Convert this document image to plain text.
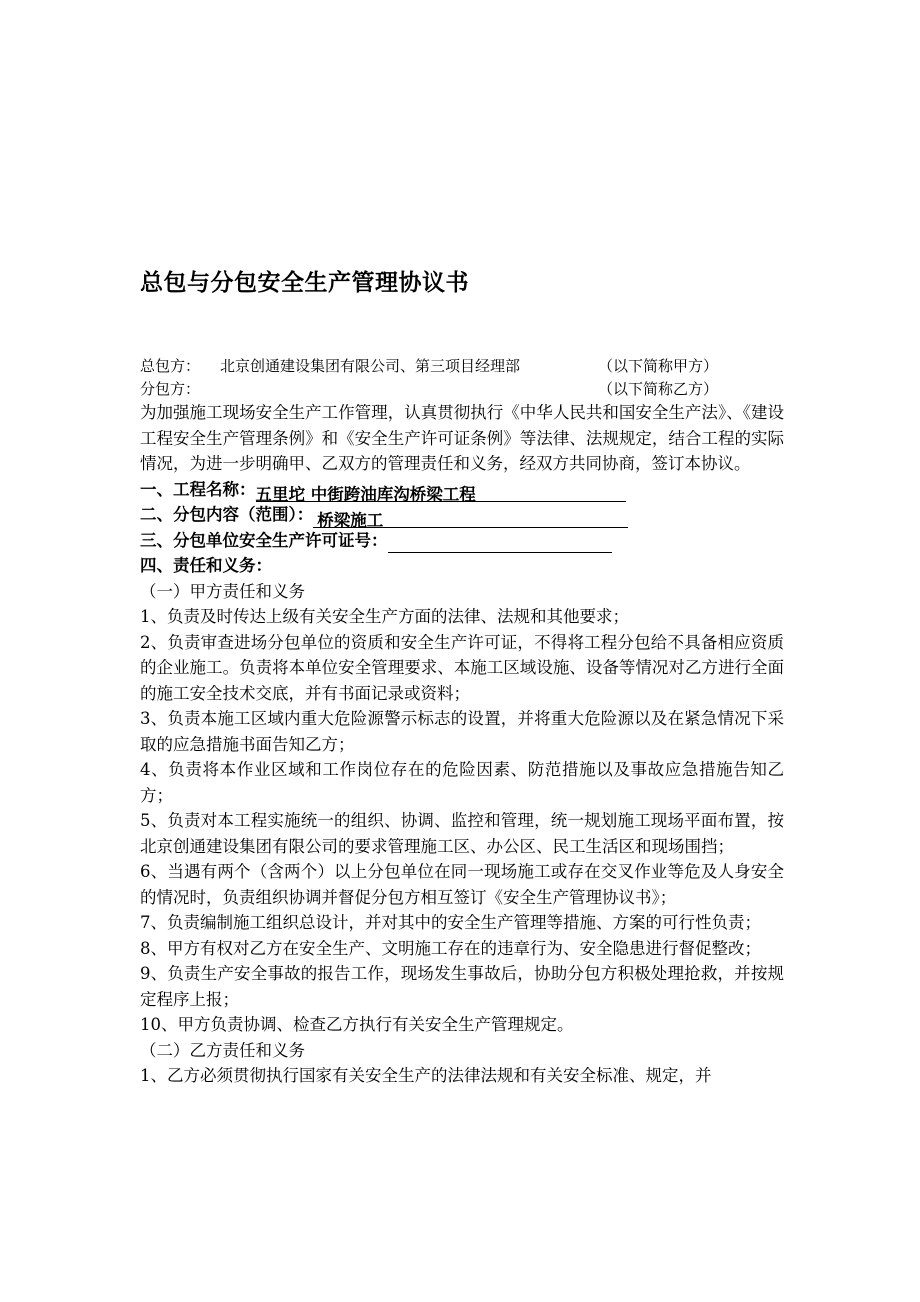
总包与分包安全生产管理协议书
总包方： 北京创通建设集团有限公司、第三项目经理部	（以下简称甲方）
分包方：	（以下简称乙方）

为加强施工现场安全生产工作管理，认真贯彻执行《中华人民共和国安全生产法》、《建设工程安全生产管理条例》和《安全生产许可证条例》等法律、法规规定，结合工程的实际情况，为进一步明确甲、乙双方的管理责任和义务，经双方共同协商，签订本协议。

一、工程名称：五里坨 中街跨油库沟桥梁工程

二、分包内容（范围）： 桥梁施工

三、分包单位安全生产许可证号：

四、责任和义务：

（一）甲方责任和义务

1、负责及时传达上级有关安全生产方面的法律、法规和其他要求；

2、负责审查进场分包单位的资质和安全生产许可证，不得将工程分包给不具备相应资质的企业施工。负责将本单位安全管理要求、本施工区域设施、设备等情况对乙方进行全面的施工安全技术交底，并有书面记录或资料；

3、负责本施工区域内重大危险源警示标志的设置，并将重大危险源以及在紧急情况下采取的应急措施书面告知乙方；

4、负责将本作业区域和工作岗位存在的危险因素、防范措施以及事故应急措施告知乙方；

5、负责对本工程实施统一的组织、协调、监控和管理，统一规划施工现场平面布置，按北京创通建设集团有限公司的要求管理施工区、办公区、民工生活区和现场围挡；

6、当遇有两个（含两个）以上分包单位在同一现场施工或存在交叉作业等危及人身安全的情况时，负责组织协调并督促分包方相互签订《安全生产管理协议书》；

7、负责编制施工组织总设计，并对其中的安全生产管理等措施、方案的可行性负责；

8、甲方有权对乙方在安全生产、文明施工存在的违章行为、安全隐患进行督促整改；

9、负责生产安全事故的报告工作，现场发生事故后，协助分包方积极处理抢救，并按规定程序上报；

10、甲方负责协调、检查乙方执行有关安全生产管理规定。

（二）乙方责任和义务

1、乙方必须贯彻执行国家有关安全生产的法律法规和有关安全标准、规定，并
